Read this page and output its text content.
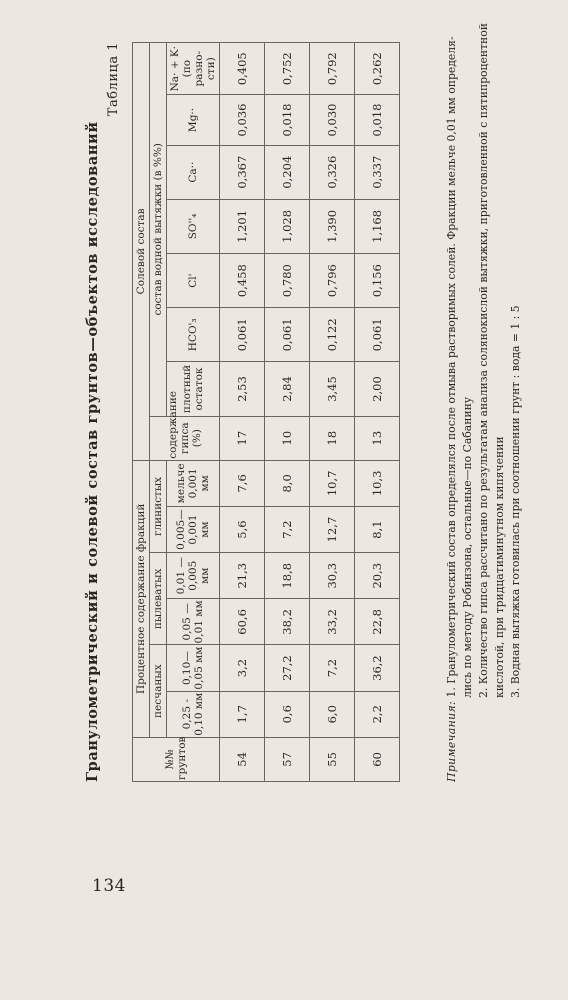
134
Гранулометрический и солевой состав грунтов—объектов исследований
Таблица 1
№№ грунтов	Процентное содержание фракций						Солевой состав							
	песчаных		пылеватых		глинистых		содержание гипса (%)	состав водной вытяжки (в %%)						
	0,25 - 0,10 мм	0,10— 0,05 мм	0,05 — 0,01 мм	0,01 — 0,005 мм	0,005— 0,001 мм	мельче 0,001 мм		плотный остаток	HCO'₃	Cl'	SO''₄	Ca··	Mg··	Na· + K· (по разно- сти)
54	1,7	3,2	60,6	21,3	5,6	7,6	17	2,53	0,061	0,458	1,201	0,367	0,036	0,405
57	0,6	27,2	38,2	18,8	7,2	8,0	10	2,84	0,061	0,780	1,028	0,204	0,018	0,752
55	6,0	7,2	33,2	30,3	12,7	10,7	18	3,45	0,122	0,796	1,390	0,326	0,030	0,792
60	2,2	36,2	22,8	20,3	8,1	10,3	13	2,00	0,061	0,156	1,168	0,337	0,018	0,262
Примечания: 1. Гранулометрический состав определялся после отмыва растворимых солей. Фракции мельче 0,01 мм определя- лись по методу Робинзона, остальные—по Сабанину 2. Количество гипса рассчитано по результатам анализа солянокислой вытяжки, приготовленной с пятипроцентной кислотой, при тридцатиминутном кипячении 3. Водная вытяжка готовилась при соотношении грунт : вода = 1 : 5
